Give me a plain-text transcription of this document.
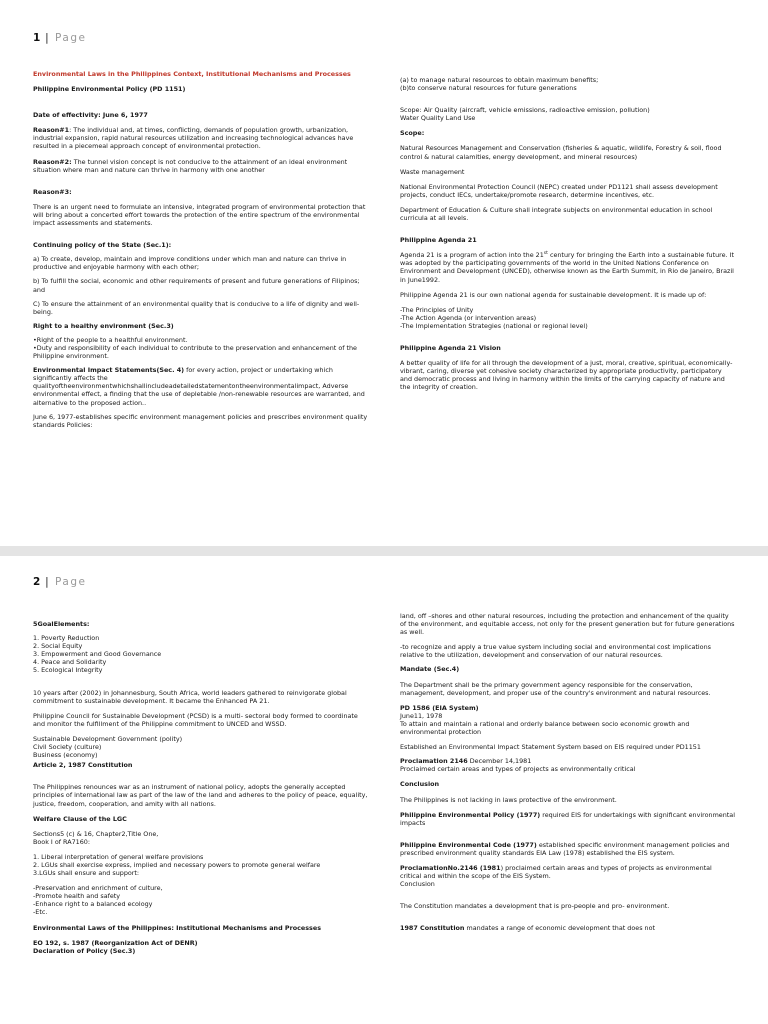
1 | Page

Environmental Laws in the Philippines Context, Institutional Mechanisms and Processes

Philippine Environmental Policy (PD 1151)

Date of effectivity: June 6, 1977

Reason#1: The individual and, at times, conflicting, demands of population growth, urbanization, industrial expansion, rapid natural resources utilization and increasing technological advances have resulted in a piecemeal approach concept of environmental protection.

Reason#2: The tunnel vision concept is not conducive to the attainment of an ideal environment situation where man and nature can thrive in harmony with one another

Reason#3:

There is an urgent need to formulate an intensive, integrated program of environmental protection that will bring about a concerted effort towards the protection of the entire spectrum of the environmental impact assessments and statements.

Continuing policy of the State (Sec.1):

a) To create, develop, maintain and improve conditions under which man and nature can thrive in productive and enjoyable harmony with each other;

b) To fulfill the social, economic and other requirements of present and future generations of Filipinos; and

C) To ensure the attainment of an environmental quality that is conducive to a life of dignity and well-being.

Right to a healthy environment (Sec.3)

•Right of the people to a healthful environment.
•Duty and responsibility of each individual to contribute to the preservation and enhancement of the Philippine environment.

Environmental Impact Statements(Sec. 4) for every action, project or undertaking which significantly affects the qualityoftheenvironmentwhichshallincludeadetailedstatementontheenvironmentalimpact, Adverse environmental effect, a finding that the use of depletable /non-renewable resources are warranted, and alternative to the proposed action..

June 6, 1977-establishes specific environment management policies and prescribes environment quality standards Policies:

(a) to manage natural resources to obtain maximum benefits;
(b)to conserve natural resources for future generations

Scope: Air Quality (aircraft, vehicle emissions, radioactive emission, pollution)
Water Quality Land Use

Scope:

Natural Resources Management and Conservation (fisheries & aquatic, wildlife, Forestry & soil, flood control & natural calamities, energy development, and mineral resources)

Waste management

National Environmental Protection Council (NEPC) created under PD1121 shall assess development projects, conduct IECs, undertake/promote research, determine incentives, etc.

Department of Education & Culture shall integrate subjects on environmental education in school curricula at all levels.

Philippine Agenda 21

Agenda 21 is a program of action into the 21st century for bringing the Earth into a sustainable future. It was adopted by the participating governments of the world in the United Nations Conference on Environment and Development (UNCED), otherwise known as the Earth Summit, in Rio de Janeiro, Brazil in June1992.

Philippine Agenda 21 is our own national agenda for sustainable development. It is made up of:

-The Principles of Unity
-The Action Agenda (or intervention areas)
-The Implementation Strategies (national or regional level)

Philippine Agenda 21 Vision

A better quality of life for all through the development of a just, moral, creative, spiritual, economically-vibrant, caring, diverse yet cohesive society characterized by appropriate productivity, participatory and democratic process and living in harmony within the limits of the carrying capacity of nature and the integrity of creation.

2 | Page

5GoalElements:

1. Poverty Reduction
2. Social Equity
3. Empowerment and Good Governance
4. Peace and Solidarity
5. Ecological Integrity

10 years after (2002) in Johannesburg, South Africa, world leaders gathered to reinvigorate global commitment to sustainable development. It became the Enhanced PA 21.

Philippine Council for Sustainable Development (PCSD) is a multi- sectoral body formed to coordinate and monitor the fulfillment of the Philippine commitment to UNCED and WSSD.

Sustainable Development Government (polity)
Civil Society (culture)
Business (economy)

Article 2, 1987 Constitution

The Philippines renounces war as an instrument of national policy, adopts the generally accepted principles of international law as part of the law of the land and adheres to the policy of peace, equality, justice, freedom, cooperation, and amity with all nations.

Welfare Clause of the LGC

Sections5 (c) & 16, Chapter2,Title One,
Book I of RA7160:

1. Liberal interpretation of general welfare provisions
2. LGUs shall exercise express, implied and necessary powers to promote general welfare
3.LGUs shall ensure and support:

-Preservation and enrichment of culture,
-Promote health and safety
-Enhance right to a balanced ecology
-Etc.

Environmental Laws of the Philippines: Institutional Mechanisms and Processes

EO 192, s. 1987 (Reorganization Act of DENR)

Declaration of Policy (Sec.3)

land, off –shores and other natural resources, including the protection and enhancement of the quality of the environment, and equitable access, not only for the present generation but for future generations as well.

-to recognize and apply a true value system including social and environmental cost implications relative to the utilization, development and conservation of our natural resources.

Mandate (Sec.4)

The Department shall be the primary government agency responsible for the conservation, management, development, and proper use of the country's environment and natural resources.

PD 1586 (EIA System)

June11, 1978
To attain and maintain a rational and orderly balance between socio economic growth and environmental protection

Established an Environmental Impact Statement System based on EIS required under PD1151

Proclamation 2146 December 14,1981

Proclaimed certain areas and types of projects as environmentally critical

Conclusion

The Philippines is not lacking in laws protective of the environment.

Philippine Environmental Policy (1977) required EIS for undertakings with significant environmental impacts

Philippine Environmental Code (1977) established specific environment management policies and prescribed environment quality standards EIA Law (1978) established the EIS system.

ProclamationNo.2146 (1981) proclaimed certain areas and types of projects as environmental critical and within the scope of the EIS System.
Conclusion

The Constitution mandates a development that is pro-people and pro- environment.

1987 Constitution mandates a range of economic development that does not
